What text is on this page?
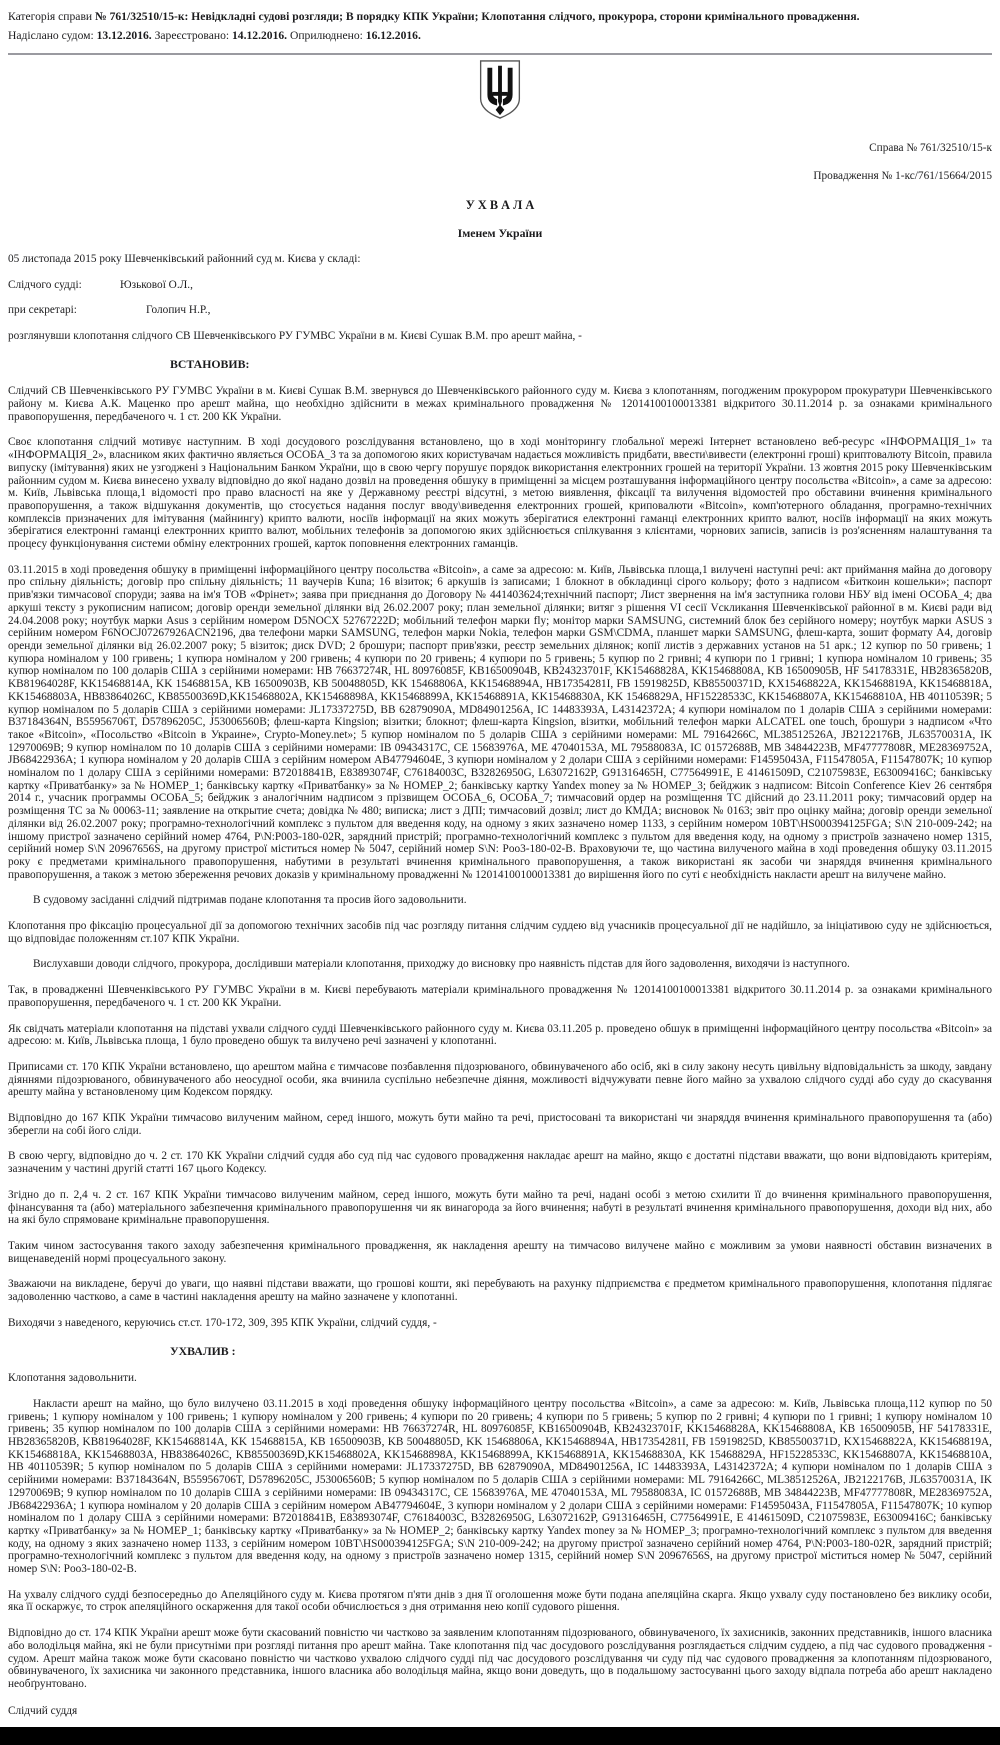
Категорія справи № 761/32510/15-к: Невідкладні судові розгляди; В порядку КПК України; Клопотання слідчого, прокурора, сторони кримінального провадження.

Надіслано судом: 13.12.2016. Зареєстровано: 14.12.2016. Оприлюднено: 16.12.2016.

Справа № 761/32510/15-к

Провадження № 1-кс/761/15664/2015

У Х В А Л А

Іменем України

05 листопада 2015 року Шевченківський районний суд м. Києва у складі:

Слідчого судді:	Юзькової О.Л.,

при секретарі:	Голопич Н.Р.,

розглянувши клопотання слідчого СВ Шевченківського РУ ГУМВС України в м. Києві Сушак В.М. про арешт майна, -

ВСТАНОВИВ:

Слідчий СВ Шевченківського РУ ГУМВС України в м. Києві Сушак В.М. звернувся до Шевченківського районного суду м. Києва з клопотанням, погодженим прокурором прокуратури Шевченківського району м. Києва А.К. Маценко про арешт майна, що необхідно здійснити в межах кримінального провадження № 12014100100013381 відкритого 30.11.2014 р. за ознаками кримінального правопорушення, передбаченого ч. 1 ст. 200 КК України.

Своє клопотання слідчий мотивує наступним. В ході досудового розслідування встановлено, що в ході моніторингу глобальної мережі Інтернет встановлено веб-ресурс «ІНФОРМАЦІЯ_1» та «ІНФОРМАЦІЯ_2», власником яких фактично являється ОСОБА_3 та за допомогою яких користувачам надається можливість придбати, ввести\вивести (електронні гроші) криптовалюту Bitcoin, правила випуску (імітування) яких не узгоджені з Національним Банком України, що в свою чергу порушує порядок використання електронних грошей на території України. 13 жовтня 2015 року Шевченківським районним судом м. Києва винесено ухвалу відповідно до якої надано дозвіл на проведення обшуку в приміщенні за місцем розташування інформаційного центру посольства «Bitcoin», а саме за адресою: м. Київ, Львівська площа,1 відомості про право власності на яке у Державному реєстрі відсутні, з метою виявлення, фіксації та вилучення відомостей про обставини вчинення кримінального правопорушення, а також відшукання документів, що стосується надання послуг вводу\виведення електронних грошей, криповалюти «Bitcoin», комп'ютерного обладання, програмно-технічних комплексів призначених для імітування (майнингу) крипто валюти, носіїв інформації на яких можуть зберігатися електронні гаманці електронних крипто валют, носіїв інформації на яких можуть зберігатися електронні гаманці електронних крипто валют, мобільних телефонів за допомогою яких здійснюється спілкування з клієнтами, чорнових записів, записів із роз'ясненням налаштування та процесу функціонування системи обміну електронних грошей, карток поповнення електронних гаманців.

03.11.2015 в ході проведення обшуку в приміщенні інформаційного центру посольства «Bitcoin», а саме за адресою: м. Київ, Львівська площа,1 вилучені наступні речі: акт приймання майна до договору про спільну діяльність; договір про спільну діяльність; 11 ваучерів Kuna; 16 візиток; 6 аркушів із записами; 1 блокнот в обкладинці сірого кольору; фото з надписом «Биткоин кошельки»; паспорт прив'язки тимчасової споруди; заява на ім'я ТОВ «Фрінет»; заява при приєднання до Договору № 441403624;технічний паспорт; Лист звернення на ім'я заступника голови НБУ від імені ОСОБА_4; два аркуші тексту з рукописним написом; договір оренди земельної ділянки від 26.02.2007 року; план земельної ділянки; витяг з рішення VI сесії Vскликання Шевченківської районної в м. Києві ради від 24.04.2008 року; ноутбук марки Asus з серійним номером D5NOCX 52767222D; мобільний телефон марки fly; монітор марки SAMSUNG, системний блок без серійного номеру; ноутбук марки ASUS з серійним номером F6NOCJ07267926ACN2196, два телефони марки SAMSUNG, телефон марки Nokia, телефон марки GSM\CDMA, планшет марки SAMSUNG, флеш-карта, зошит формату А4, договір оренди земельної ділянки від 26.02.2007 року; 5 візиток; диск DVD; 2 брошури; паспорт прив'язки, реєстр земельних ділянок; копії листів з державних установ на 51 арк.; 12 купюр по 50 гривень; 1 купюра номіналом у 100 гривень; 1 купюра номіналом у 200 гривень; 4 купюри по 20 гривень; 4 купюри по 5 гривень; 5 купюр по 2 гривні; 4 купюри по 1 гривні; 1 купюра номіналом 10 гривень; 35 купюр номіналом по 100 доларів США з серійними номерами: HB 76637274R, HL 80976085F, KB16500904B, KB24323701F, KK15468828A, KK15468808A, KB 16500905B, HF 54178331E, HB28365820B, KB81964028F, KK15468814A, KK 15468815A, KB 16500903B, KB 50048805D, KK 15468806A, KK15468894A, HB17354281I, FB 15919825D, KB85500371D, KX15468822A, KK15468819A, KK15468818A, KK15468803A, HB83864026C, KB85500369D,KK15468802A, KK15468898A, KK15468899A, KK15468891A, KK15468830A, KK 15468829A, HF15228533C, KK15468807A, KK15468810A, HB 40110539R; 5 купюр номіналом по 5 доларів США з серійними номерами: JL17337275D, BB 62879090A, MD84901256A, IC 14483393A, L43142372A; 4 купюри номіналом по 1 доларів США з серійними номерами: B37184364N, B55956706T, D57896205C, J53006560B; флеш-карта Kingsion; візитки; блокнот; флеш-карта Kingsion, візитки, мобільний телефон марки ALCATEL one touch, брошури з надписом «Что такое «Bitcoin», «Посольство «Bitcoin в Украине», Crypto-Money.net»; 5 купюр номіналом по 5 доларів США з серійними номерами: ML 79164266C, ML38512526A, JB2122176B, JL63570031A, IK 12970069B; 9 купюр номіналом по 10 доларів США з серійними номерами: IB 09434317C, CE 15683976A, ME 47040153A, ML 79588083A, IC 01572688B, MB 34844223B, MF47777808R, ME28369752A, JB68422936A; 1 купюра номіналом у 20 доларів США з серійним номером AB47794604E, 3 купюри номіналом у 2 долари США з серійними номерами: F14595043A, F11547805A, F11547807K; 10 купюр номіналом по 1 долару США з серійними номерами: B72018841B, E83893074F, C76184003C, B32826950G, L63072162P, G91316465H, C77564991E, E 41461509D, C21075983E, E63009416C; банківську картку «Приватбанку» за № НОМЕР_1; банківську картку «Приватбанку» за № НОМЕР_2; банківську картку Yandex money за № НОМЕР_3; бейджик з надписом: Bitcoin Conference Kiev 26 сентября 2014 г., учасник программы ОСОБА_5; бейджик з аналогічним надписом з прізвищем ОСОБА_6, ОСОБА_7; тимчасовий ордер на розміщення ТС дійсний до 23.11.2011 року; тимчасовий ордер на розміщення ТС за № 00063-11; заявление на открытие счета; довідка № 480; виписка; лист з ДПІ; тимчасовий дозвіл; лист до КМДА; висновок № 0163; звіт про оцінку майна; договір оренди земельної ділянки від 26.02.2007 року; програмно-технологічний комплекс з пультом для введення коду, на одному з яких зазначено номер 1133, з серійним номером 10BT\HS000394125FGA; S\N 210-009-242; на іншому пристрої зазначено серійний номер 4764, P\N:P003-180-02R, зарядний пристрій; програмно-технологічний комплекс з пультом для введення коду, на одному з пристроїв зазначено номер 1315, серійний номер S\N 20967656S, на другому пристрої міститься номер № 5047, серійний номер S\N: Poo3-180-02-B. Враховуючи те, що частина вилученого майна в ході проведення обшуку 03.11.2015 року є предметами кримінального правопорушення, набутими в результаті вчинення кримінального правопорушення, а також використані як засоби чи знаряддя вчинення кримінального правопорушення, а також з метою збереження речових доказів у кримінальному провадженні № 12014100100013381 до вирішення його по суті є необхідність накласти арешт на вилучене майно.

В судовому засіданні слідчий підтримав подане клопотання та просив його задовольнити.

Клопотання про фіксацію процесуальної дії за допомогою технічних засобів під час розгляду питання слідчим суддею від учасників процесуальної дії не надійшло, за ініціативою суду не здійснюється, що відповідає положенням ст.107 КПК України.

Вислухавши доводи слідчого, прокурора, дослідивши матеріали клопотання, приходжу до висновку про наявність підстав для його задоволення, виходячи із наступного.

Так, в провадженні Шевченківського РУ ГУМВС України в м. Києві перебувають матеріали кримінального провадження № 12014100100013381 відкритого 30.11.2014 р. за ознаками кримінального правопорушення, передбаченого ч. 1 ст. 200 КК України.

Як свідчать матеріали клопотання на підставі ухвали слідчого судді Шевченківського районного суду м. Києва 03.11.205 р. проведено обшук в приміщенні інформаційного центру посольства «Bitcoin» за адресою: м. Київ, Львівська площа, 1 було проведено обшук та вилучено речі зазначені у клопотанні.

Приписами ст. 170 КПК України встановлено, що арештом майна є тимчасове позбавлення підозрюваного, обвинуваченого або осіб, які в силу закону несуть цивільну відповідальність за шкоду, завдану діяннями підозрюваного, обвинуваченого або неосудної особи, яка вчинила суспільно небезпечне діяння, можливості відчужувати певне його майно за ухвалою слідчого судді або суду до скасування арешту майна у встановленому цим Кодексом порядку.

Відповідно до 167 КПК України тимчасово вилученим майном, серед іншого, можуть бути майно та речі, пристосовані та використані чи знаряддя вчинення кримінального правопорушення та (або) зберегли на собі його сліди.

В свою чергу, відповідно до ч. 2 ст. 170 КК України слідчий суддя або суд під час судового провадження накладає арешт на майно, якщо є достатні підстави вважати, що вони відповідають критеріям, зазначеним у частині другій статті 167 цього Кодексу.

Згідно до п. 2,4 ч. 2 ст. 167 КПК України тимчасово вилученим майном, серед іншого, можуть бути майно та речі, надані особі з метою схилити її до вчинення кримінального правопорушення, фінансування та (або) матеріального забезпечення кримінального правопорушення чи як винагорода за його вчинення; набуті в результаті вчинення кримінального правопорушення, доходи від них, або на які було спрямоване кримінальне правопорушення.

Таким чином застосування такого заходу забезпечення кримінального провадження, як накладення арешту на тимчасово вилучене майно є можливим за умови наявності обставин визначених в вищенаведеній нормі процесуального закону.

Зважаючи на викладене, беручі до уваги, що наявні підстави вважати, що грошові кошти, які перебувають на рахунку підприємства є предметом кримінального правопорушення, клопотання підлягає задоволенню частково, а саме в частині накладення арешту на майно зазначене у клопотанні.

Виходячи з наведеного, керуючись ст.ст. 170-172, 309, 395 КПК України, слідчий суддя, -

УХВАЛИВ :

Клопотання задовольнити.

Накласти арешт на майно, що було вилучено 03.11.2015 в ході проведення обшуку інформаційного центру посольства «Bitcoin», а саме за адресою: м. Київ, Львівська площа,112 купюр по 50 гривень; 1 купюру номіналом у 100 гривень; 1 купюру номіналом у 200 гривень; 4 купюри по 20 гривень; 4 купюри по 5 гривень; 5 купюр по 2 гривні; 4 купюри по 1 гривні; 1 купюру номіналом 10 гривень; 35 купюр номіналом по 100 доларів США з серійними номерами: HB 76637274R, HL 80976085F, KB16500904B, KB24323701F, KK15468828A, KK15468808A, KB 16500905B, HF 54178331E, HB28365820B, KB81964028F, KK15468814A, KK 15468815A, KB 16500903B, KB 50048805D, KK 15468806A, KK15468894A, HB17354281I, FB 15919825D, KB85500371D, KX15468822A, KK15468819A, KK15468818A, KK15468803A, HB83864026C, KB85500369D,KK15468802A, KK15468898A, KK15468899A, KK15468891A, KK15468830A, KK 15468829A, HF15228533C, KK15468807A, KK15468810A, HB 40110539R; 5 купюр номіналом по 5 доларів США з серійними номерами: JL17337275D, BB 62879090A, MD84901256A, IC 14483393A, L43142372A; 4 купюри номіналом по 1 доларів США з серійними номерами: B37184364N, B55956706T, D57896205C, J53006560B; 5 купюр номіналом по 5 доларів США з серійними номерами: ML 79164266C, ML38512526A, JB2122176B, JL63570031A, IK 12970069B; 9 купюр номіналом по 10 доларів США з серійними номерами: IB 09434317C, CE 15683976A, ME 47040153A, ML 79588083A, IC 01572688B, MB 34844223B, MF47777808R, ME28369752A, JB68422936A; 1 купюра номіналом у 20 доларів США з серійним номером AB47794604E, 3 купюри номіналом у 2 долари США з серійними номерами: F14595043A, F11547805A, F11547807K; 10 купюр номіналом по 1 долару США з серійними номерами: B72018841B, E83893074F, C76184003C, B32826950G, L63072162P, G91316465H, C77564991E, E 41461509D, C21075983E, E63009416C; банківську картку «Приватбанку» за № НОМЕР_1; банківську картку «Приватбанку» за № НОМЕР_2; банківську картку Yandex money за № НОМЕР_3; програмно-технологічний комплекс з пультом для введення коду, на одному з яких зазначено номер 1133, з серійним номером 10BT\HS000394125FGA; S\N 210-009-242; на другому пристрої зазначено серійний номер 4764, P\N:P003-180-02R, зарядний пристрій; програмно-технологічний комплекс з пультом для введення коду, на одному з пристроїв зазначено номер 1315, серійний номер S\N 20967656S, на другому пристрої міститься номер № 5047, серійний номер S\N: Poo3-180-02-B.

На ухвалу слідчого судді безпосередньо до Апеляційного суду м. Києва протягом п'яти днів з дня її оголошення може бути подана апеляційна скарга. Якщо ухвалу суду постановлено без виклику особи, яка її оскаржує, то строк апеляційного оскарження для такої особи обчислюється з дня отримання нею копії судового рішення.

Відповідно до ст. 174 КПК України арешт може бути скасований повністю чи частково за заявленим клопотанням підозрюваного, обвинуваченого, їх захисників, законних представників, іншого власника або володільця майна, які не були присутніми при розгляді питання про арешт майна. Таке клопотання під час досудового розслідування розглядається слідчим суддею, а під час судового провадження - судом. Арешт майна також може бути скасовано повністю чи частково ухвалою слідчого судді під час досудового розслідування чи суду під час судового провадження за клопотанням підозрюваного, обвинуваченого, їх захисника чи законного представника, іншого власника або володільця майна, якщо вони доведуть, що в подальшому застосуванні цього заходу відпала потреба або арешт накладено необґрунтовано.

Слідчий суддя
